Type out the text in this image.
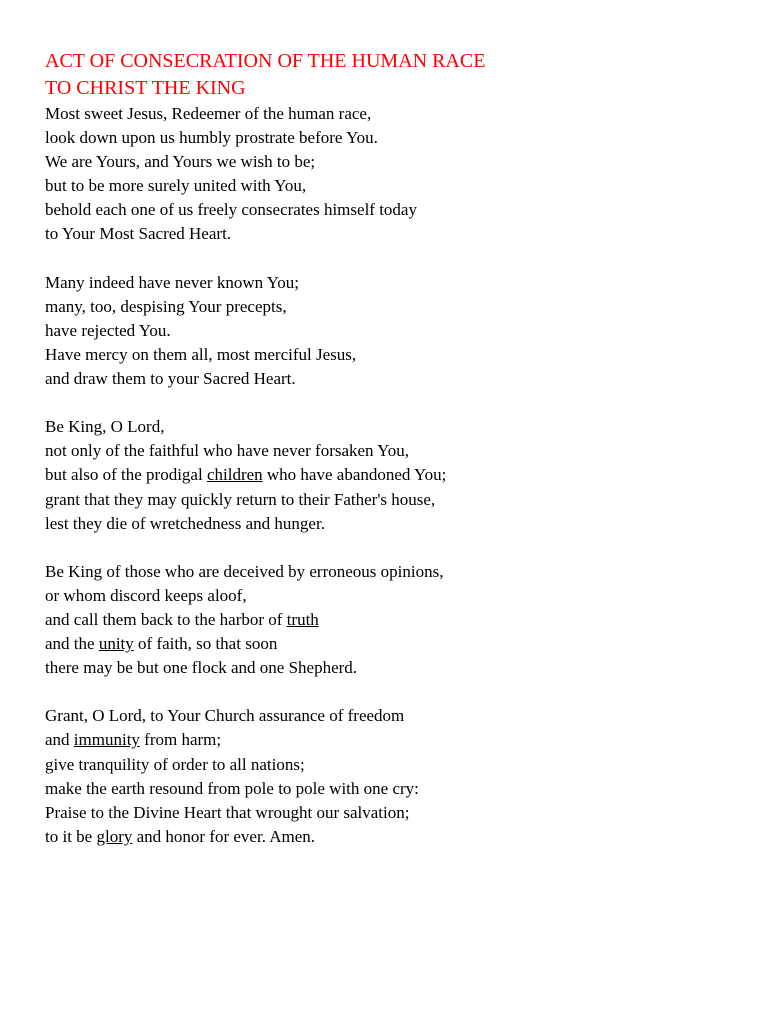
ACT OF CONSECRATION OF THE HUMAN RACE
TO CHRIST THE KING

Most sweet Jesus, Redeemer of the human race,
look down upon us humbly prostrate before You.
We are Yours, and Yours we wish to be;
but to be more surely united with You,
behold each one of us freely consecrates himself today
to Your Most Sacred Heart.

Many indeed have never known You;
many, too, despising Your precepts,
have rejected You.
Have mercy on them all, most merciful Jesus,
and draw them to your Sacred Heart.

Be King, O Lord,
not only of the faithful who have never forsaken You,
but also of the prodigal children who have abandoned You;
grant that they may quickly return to their Father's house,
lest they die of wretchedness and hunger.

Be King of those who are deceived by erroneous opinions,
or whom discord keeps aloof,
and call them back to the harbor of truth
and the unity of faith, so that soon
there may be but one flock and one Shepherd.

Grant, O Lord, to Your Church assurance of freedom
and immunity from harm;
give tranquility of order to all nations;
make the earth resound from pole to pole with one cry:
Praise to the Divine Heart that wrought our salvation;
to it be glory and honor for ever. Amen.
